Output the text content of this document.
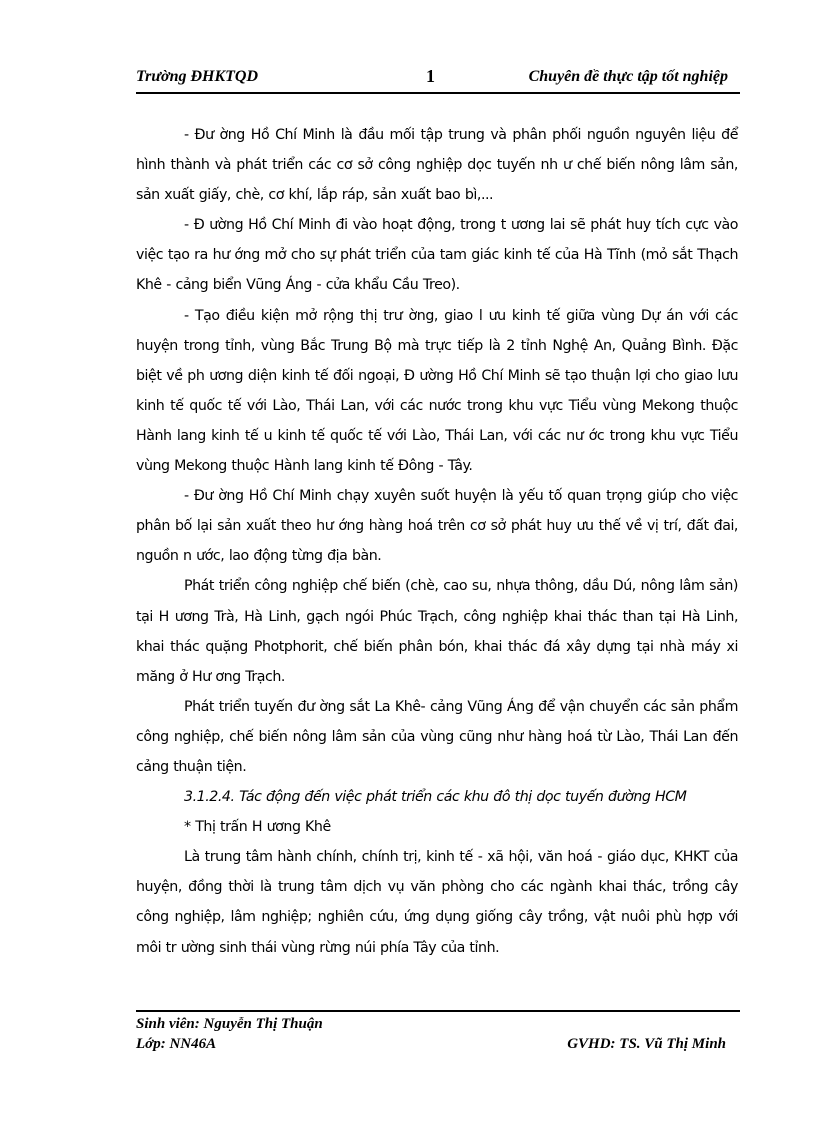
Trường ĐHKTQD	1	Chuyên đề thực tập tốt nghiệp

- Đư ờng Hồ Chí Minh là đầu mối tập trung và phân phối nguồn nguyên liệu để hình thành và phát triển các cơ sở công nghiệp dọc tuyến nh ư chế biến nông lâm sản, sản xuất giấy, chè, cơ khí, lắp ráp, sản xuất bao bì,...

- Đ ường Hồ Chí Minh đi vào hoạt động, trong t ương lai sẽ phát huy tích cực vào việc tạo ra hư ớng mở cho sự phát triển của tam giác kinh tế của Hà Tĩnh (mỏ sắt Thạch Khê - cảng biển Vũng Áng - cửa khẩu Cầu Treo).

- Tạo điều kiện mở rộng thị trư ờng, giao l ưu kinh tế giữa vùng Dự án với các huyện trong tỉnh, vùng Bắc Trung Bộ mà trực tiếp là 2 tỉnh Nghệ An, Quảng Bình. Đặc biệt về ph ương diện kinh tế đối ngoại, Đ ường Hồ Chí Minh sẽ tạo thuận lợi cho giao lưu kinh tế quốc tế với Lào, Thái Lan, với các nước trong khu vực Tiểu vùng Mekong thuộc Hành lang kinh tế u kinh tế quốc tế với Lào, Thái Lan, với các nư ớc trong khu vực Tiểu vùng Mekong thuộc Hành lang kinh tế Đông - Tây.

- Đư ờng Hồ Chí Minh chạy xuyên suốt huyện là yếu tố quan trọng giúp cho việc phân bố lại sản xuất theo hư ớng hàng hoá trên cơ sở phát huy ưu thế về vị trí, đất đai, nguồn n ước, lao động từng địa bàn.

Phát triển công nghiệp chế biến (chè, cao su, nhựa thông, dầu Dú, nông lâm sản) tại H ương Trà, Hà Linh, gạch ngói Phúc Trạch, công nghiệp khai thác than tại Hà Linh, khai thác quặng Photphorit, chế biến phân bón, khai thác đá xây dựng tại nhà máy xi măng ở Hư ơng Trạch.

Phát triển tuyến đư ờng sắt La Khê- cảng Vũng Áng để vận chuyển các sản phẩm công nghiệp, chế biến nông lâm sản của vùng cũng như hàng hoá từ Lào, Thái Lan đến cảng thuận tiện.

3.1.2.4. Tác động đến việc phát triển các khu đô thị dọc tuyến đường HCM

* Thị trấn H ương Khê

Là trung tâm hành chính, chính trị, kinh tế - xã hội, văn hoá - giáo dục, KHKT của huyện, đồng thời là trung tâm dịch vụ văn phòng cho các ngành khai thác, trồng cây công nghiệp, lâm nghiệp; nghiên cứu, ứng dụng giống cây trồng, vật nuôi phù hợp với môi tr ường sinh thái vùng rừng núi phía Tây của tỉnh.

Sinh viên: Nguyễn Thị Thuận
Lớp: NN46A	GVHD: TS. Vũ Thị Minh
